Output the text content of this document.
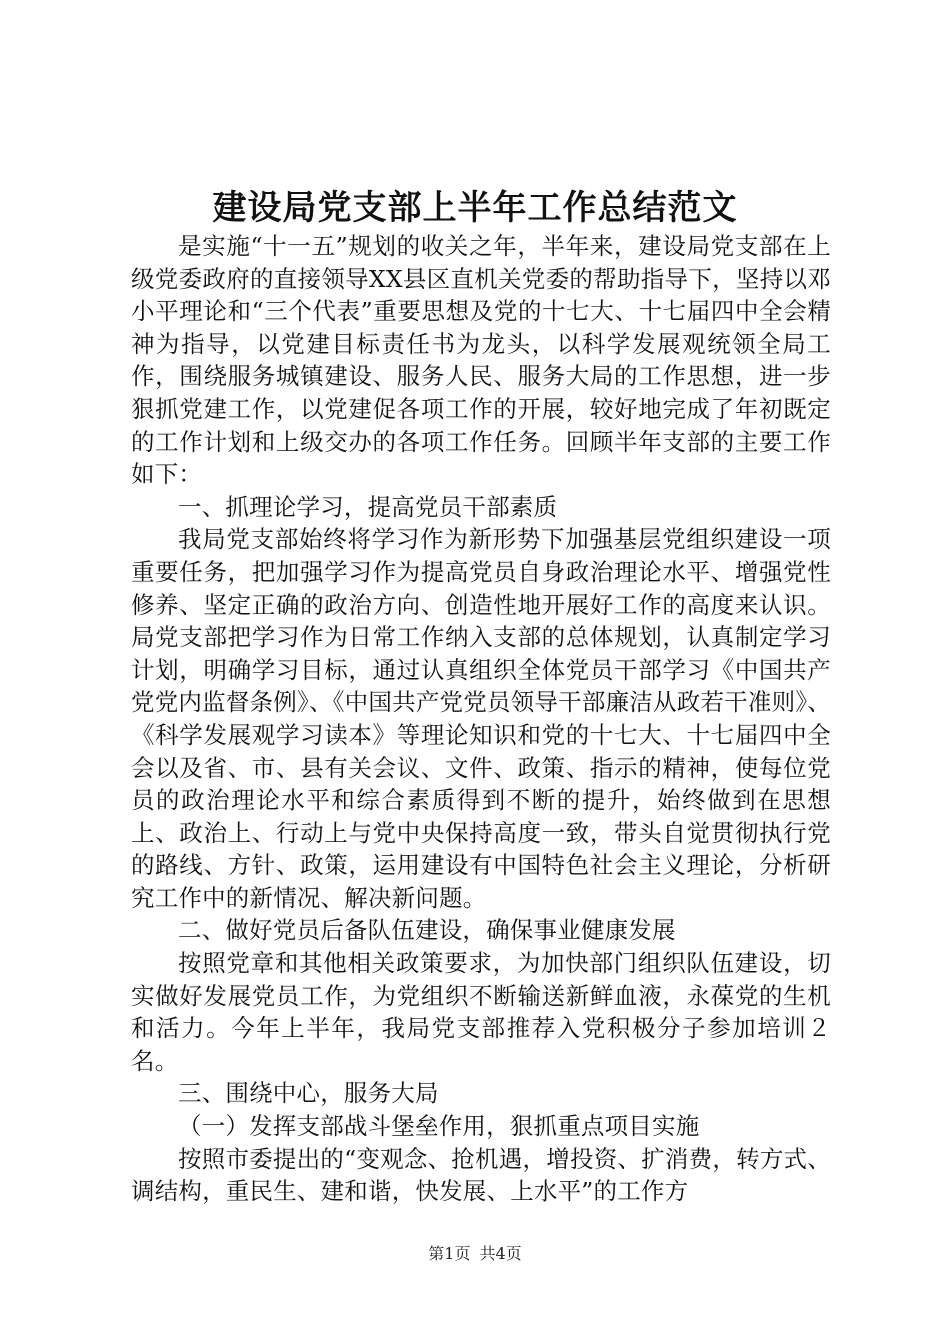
建设局党支部上半年工作总结范文

是实施“十一五”规划的收关之年，半年来，建设局党支部在上级党委政府的直接领导XX县区直机关党委的帮助指导下，坚持以邓小平理论和“三个代表”重要思想及党的十七大、十七届四中全会精神为指导，以党建目标责任书为龙头，以科学发展观统领全局工作，围绕服务城镇建设、服务人民、服务大局的工作思想，进一步狠抓党建工作，以党建促各项工作的开展，较好地完成了年初既定的工作计划和上级交办的各项工作任务。回顾半年支部的主要工作如下：

一、抓理论学习，提高党员干部素质

我局党支部始终将学习作为新形势下加强基层党组织建设一项重要任务，把加强学习作为提高党员自身政治理论水平、增强党性修养、坚定正确的政治方向、创造性地开展好工作的高度来认识。局党支部把学习作为日常工作纳入支部的总体规划，认真制定学习计划，明确学习目标，通过认真组织全体党员干部学习《中国共产党党内监督条例》、《中国共产党党员领导干部廉洁从政若干准则》、《科学发展观学习读本》等理论知识和党的十七大、十七届四中全会以及省、市、县有关会议、文件、政策、指示的精神，使每位党员的政治理论水平和综合素质得到不断的提升，始终做到在思想上、政治上、行动上与党中央保持高度一致，带头自觉贯彻执行党的路线、方针、政策，运用建设有中国特色社会主义理论，分析研究工作中的新情况、解决新问题。

二、做好党员后备队伍建设，确保事业健康发展

按照党章和其他相关政策要求，为加快部门组织队伍建设，切实做好发展党员工作，为党组织不断输送新鲜血液，永葆党的生机和活力。今年上半年，我局党支部推荐入党积极分子参加培训２名。

三、围绕中心，服务大局

（一）发挥支部战斗堡垒作用，狠抓重点项目实施

按照市委提出的“变观念、抢机遇，增投资、扩消费，转方式、调结构，重民生、建和谐，快发展、上水平”的工作方

第1页 共4页
